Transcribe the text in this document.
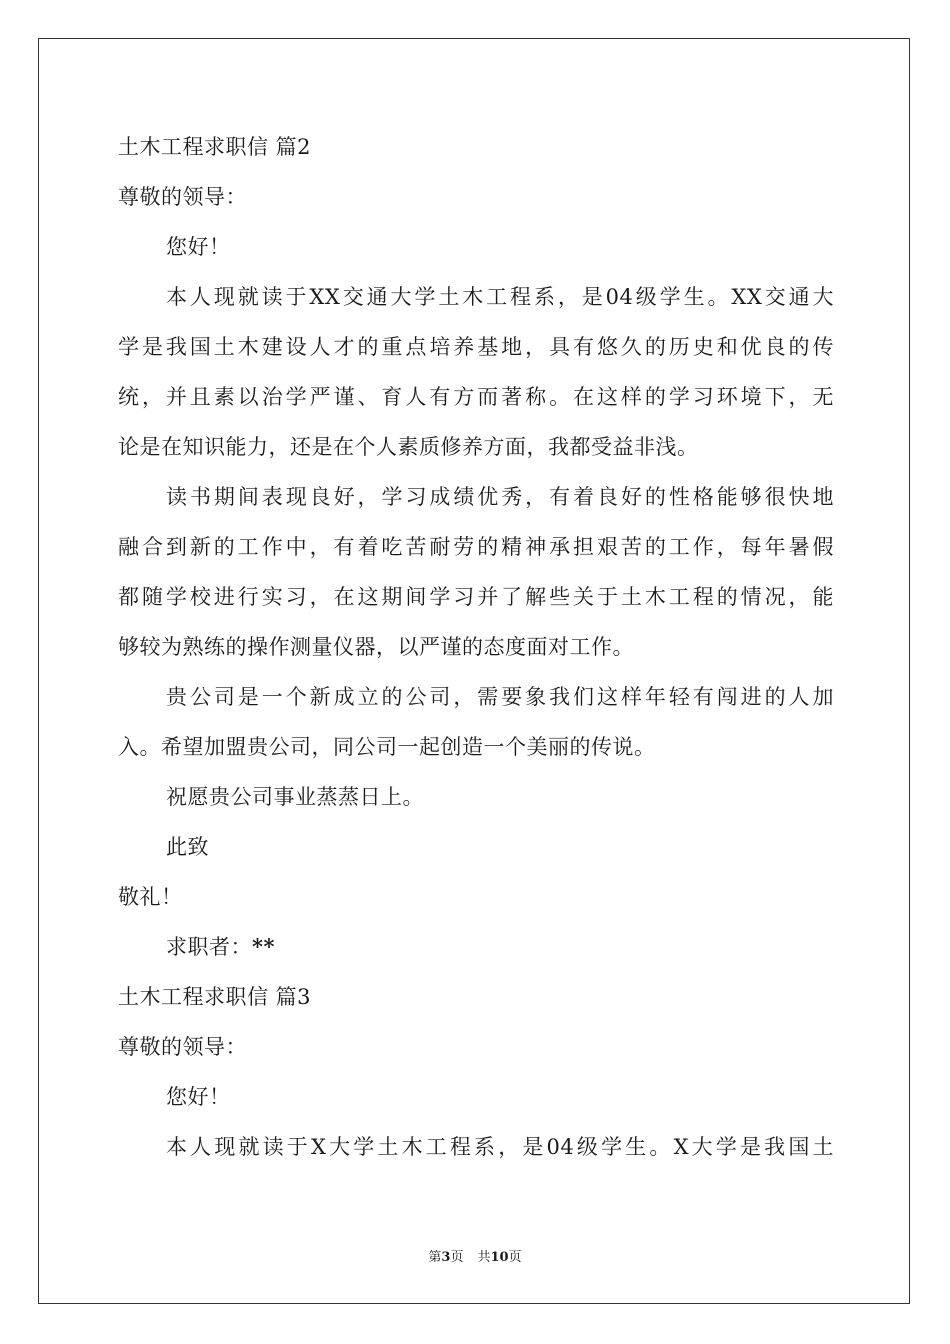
土木工程求职信 篇2
尊敬的领导：
您好！
本人现就读于XX交通大学土木工程系，是04级学生。XX交通大
学是我国土木建设人才的重点培养基地，具有悠久的历史和优良的传
统，并且素以治学严谨、育人有方而著称。在这样的学习环境下，无
论是在知识能力，还是在个人素质修养方面，我都受益非浅。
读书期间表现良好，学习成绩优秀，有着良好的性格能够很快地
融合到新的工作中，有着吃苦耐劳的精神承担艰苦的工作，每年暑假
都随学校进行实习，在这期间学习并了解些关于土木工程的情况，能
够较为熟练的操作测量仪器，以严谨的态度面对工作。
贵公司是一个新成立的公司，需要象我们这样年轻有闯进的人加
入。希望加盟贵公司，同公司一起创造一个美丽的传说。
祝愿贵公司事业蒸蒸日上。
此致
敬礼！
求职者：**
土木工程求职信 篇3
尊敬的领导：
您好！
本人现就读于X大学土木工程系，是04级学生。X大学是我国土
第3页 共10页
